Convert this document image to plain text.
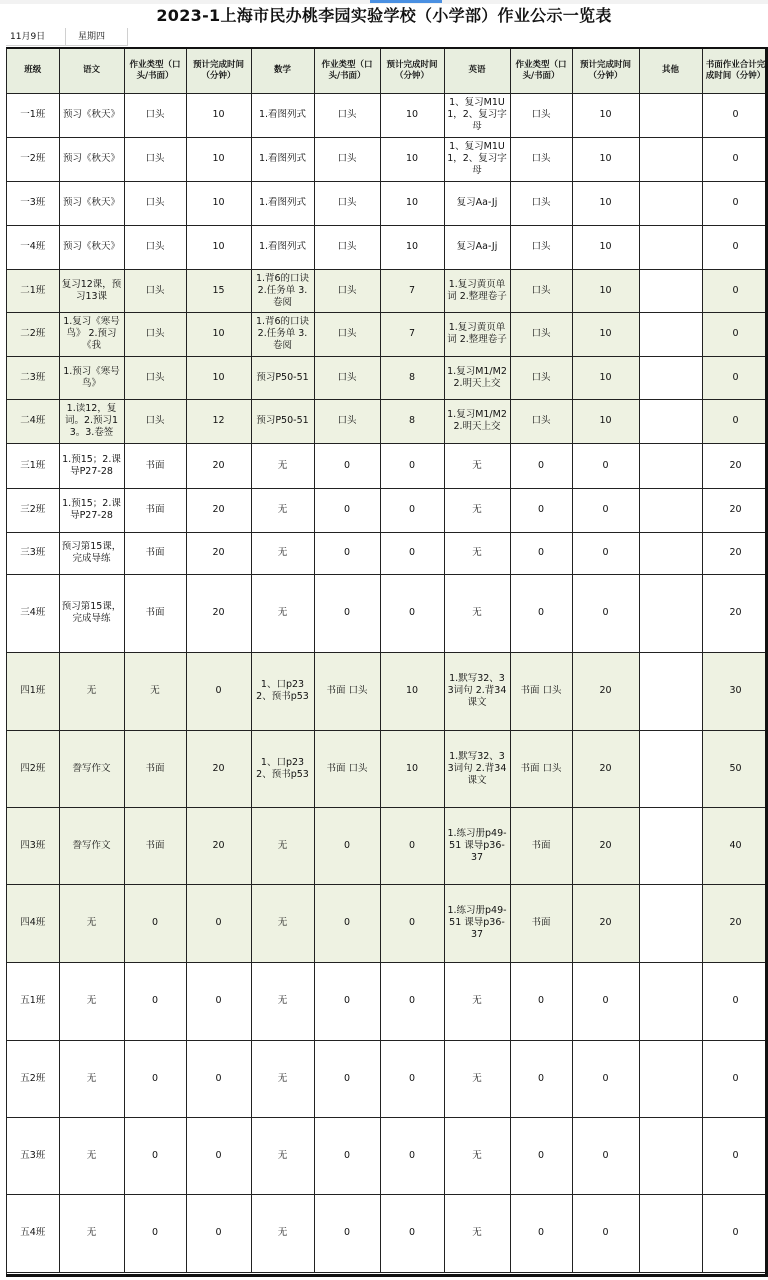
2023-1上海市民办桃李园实验学校（小学部）作业公示一览表
11月9日	星期四
班级	语文	作业类型（口头/书面）	预计完成时间（分钟）	数学	作业类型（口头/书面）	预计完成时间（分钟）	英语	作业类型（口头/书面）	预计完成时间（分钟）	其他	书面作业合计完成时间（分钟）

一1班	预习《秋天》	口头	10	1.看图列式	口头	10	1、复习M1U1，2、复习字母	口头	10		0

一2班	预习《秋天》	口头	10	1.看图列式	口头	10	1、复习M1U1，2、复习字母	口头	10		0

一3班	预习《秋天》	口头	10	1.看图列式	口头	10	复习Aa-Jj	口头	10		0

一4班	预习《秋天》	口头	10	1.看图列式	口头	10	复习Aa-Jj	口头	10		0

二1班	复习12课，预习13课	口头	15	1.背6的口诀 2.任务单 3.卷阅	口头	7	1.复习黄页单词 2.整理卷子	口头	10		0

二2班	1.复习《寒号鸟》 2.预习《我	口头	10	1.背6的口诀 2.任务单 3.卷阅	口头	7	1.复习黄页单词 2.整理卷子	口头	10		0

二3班	1.预习《寒号鸟》	口头	10	预习P50-51	口头	8	1.复习M1/M2 2.明天上交	口头	10		0

二4班	1.读12，复词。2.预习13。3.卷签	口头	12	预习P50-51	口头	8	1.复习M1/M2 2.明天上交	口头	10		0

三1班	1.预15；2.课导P27-28	书面	20	无	0	0	无	0	0		20

三2班	1.预15；2.课导P27-28	书面	20	无	0	0	无	0	0		20

三3班	预习第15课，完成导练	书面	20	无	0	0	无	0	0		20

三4班	预习第15课，完成导练	书面	20	无	0	0	无	0	0		20

四1班	无	无	0	1、口p23 2、预书p53	书面 口头	10	1.默写32、33词句 2.背34课文	书面 口头	20		30

四2班	誊写作文	书面	20	1、口p23 2、预书p53	书面 口头	10	1.默写32、33词句 2.背34课文	书面 口头	20		50

四3班	誊写作文	书面	20	无	0	0	1.练习册p49-51 课导p36-37	书面	20		40

四4班	无	0	0	无	0	0	1.练习册p49-51 课导p36-37	书面	20		20

五1班	无	0	0	无	0	0	无	0	0		0

五2班	无	0	0	无	0	0	无	0	0		0

五3班	无	0	0	无	0	0	无	0	0		0

五4班	无	0	0	无	0	0	无	0	0		0
